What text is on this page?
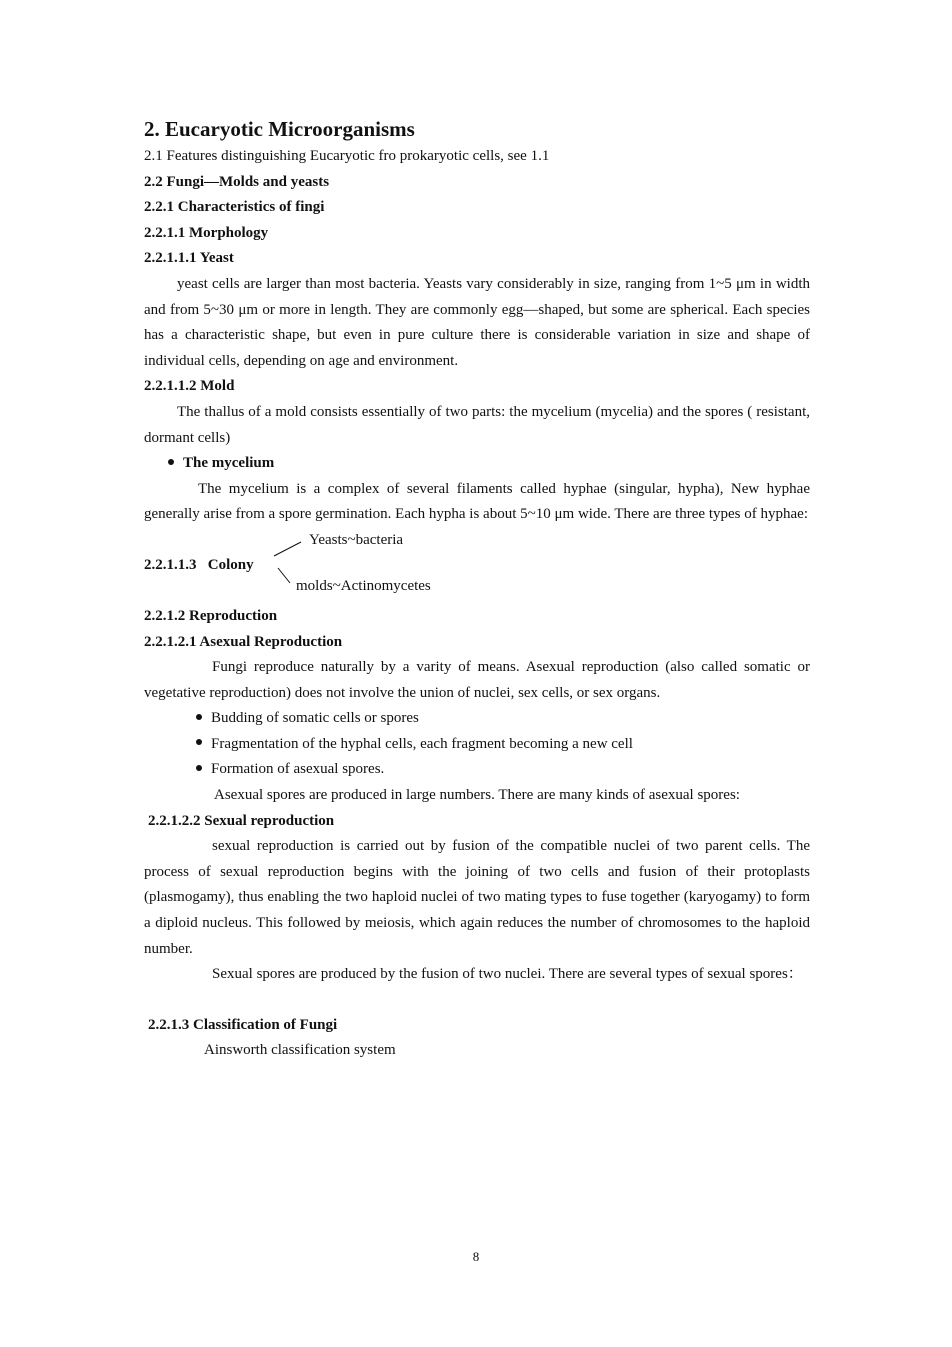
2. Eucaryotic Microorganisms
2.1 Features distinguishing Eucaryotic fro prokaryotic cells, see 1.1
2.2 Fungi—Molds and yeasts
2.2.1 Characteristics of fingi
2.2.1.1 Morphology
2.2.1.1.1 Yeast
yeast cells are larger than most bacteria. Yeasts vary considerably in size, ranging from 1~5 μm in width and from 5~30 μm or more in length. They are commonly egg—shaped, but some are spherical. Each species has a characteristic shape, but even in pure culture there is considerable variation in size and shape of individual cells, depending on age and environment.
2.2.1.1.2 Mold
The thallus of a mold consists essentially of two parts: the mycelium (mycelia) and the spores ( resistant, dormant cells)
The mycelium
The mycelium is a complex of several filaments called hyphae (singular, hypha), New hyphae generally arise from a spore germination. Each hypha is about 5~10 μm wide. There are three types of hyphae:
2.2.1.1.3   Colony
Yeasts~bacteria
molds~Actinomycetes
2.2.1.2 Reproduction
2.2.1.2.1 Asexual Reproduction
Fungi reproduce naturally by a varity of means. Asexual reproduction (also called somatic or vegetative reproduction) does not involve the union of nuclei, sex cells, or sex organs.
Budding of somatic cells or spores
Fragmentation of the hyphal cells, each fragment becoming a new cell
Formation of asexual spores.
Asexual spores are produced in large numbers. There are many kinds of asexual spores:
2.2.1.2.2 Sexual reproduction
sexual reproduction is carried out by fusion of the compatible nuclei of two parent cells. The process of sexual reproduction begins with the joining of two cells and fusion of their protoplasts (plasmogamy), thus enabling the two haploid nuclei of two mating types to fuse together (karyogamy) to form a diploid nucleus. This followed by meiosis, which again reduces the number of chromosomes to the haploid number.
Sexual spores are produced by the fusion of two nuclei. There are several types of sexual spores：
2.2.1.3 Classification of Fungi
Ainsworth classification system
8
